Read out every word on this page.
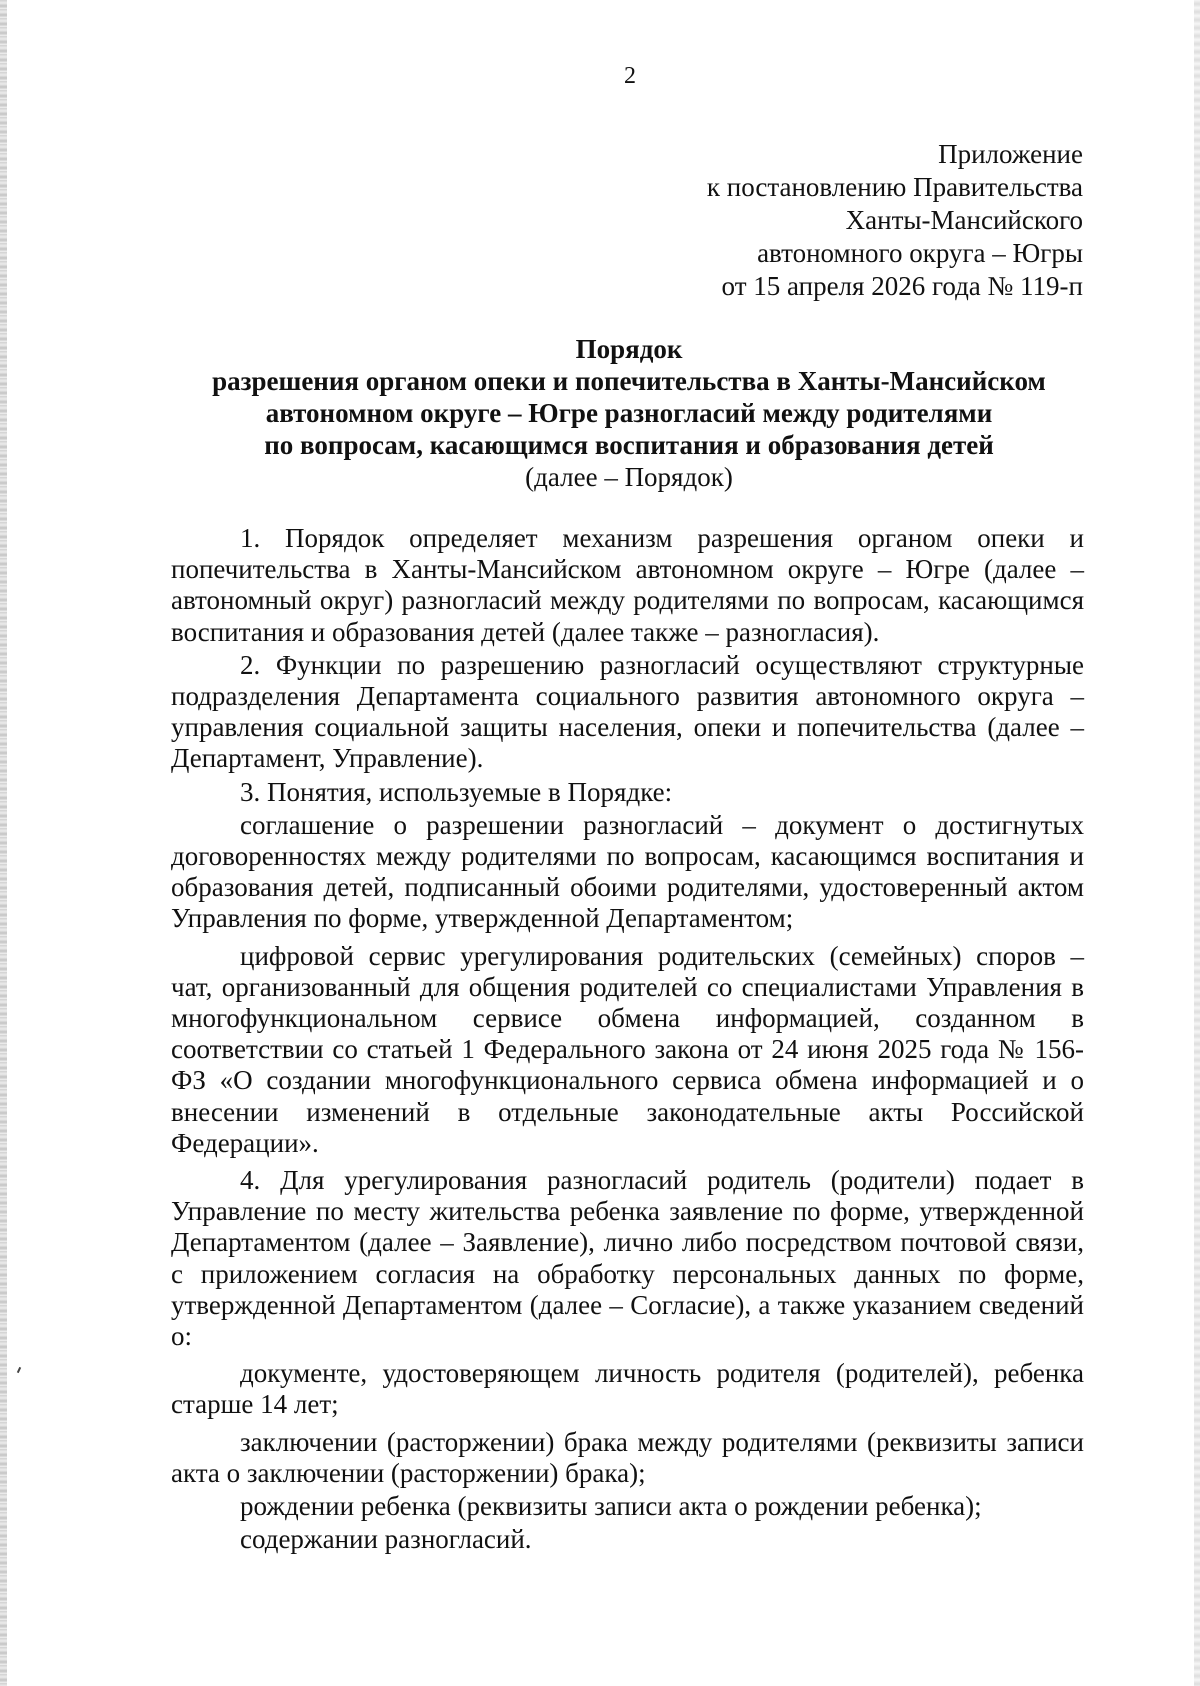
2
Приложение
к постановлению Правительства
Ханты-Мансийского
автономного округа – Югры
от 15 апреля 2026 года № 119-п
Порядок
разрешения органом опеки и попечительства в Ханты-Мансийском
автономном округе – Югре разногласий между родителями
по вопросам, касающимся воспитания и образования детей
(далее – Порядок)

1. Порядок определяет механизм разрешения органом опеки и попечительства в Ханты-Мансийском автономном округе – Югре (далее – автономный округ) разногласий между родителями по вопросам, касающимся воспитания и образования детей (далее также – разногласия).

2. Функции по разрешению разногласий осуществляют структурные подразделения Департамента социального развития автономного округа – управления социальной защиты населения, опеки и попечительства (далее – Департамент, Управление).

3. Понятия, используемые в Порядке:

соглашение о разрешении разногласий – документ о достигнутых договоренностях между родителями по вопросам, касающимся воспитания и образования детей, подписанный обоими родителями, удостоверенный актом Управления по форме, утвержденной Департаментом;

цифровой сервис урегулирования родительских (семейных) споров – чат, организованный для общения родителей со специалистами Управления в многофункциональном сервисе обмена информацией, созданном в соответствии со статьей 1 Федерального закона от 24 июня 2025 года № 156-ФЗ «О создании многофункционального сервиса обмена информацией и о внесении изменений в отдельные законодательные акты Российской Федерации».

4. Для урегулирования разногласий родитель (родители) подает в Управление по месту жительства ребенка заявление по форме, утвержденной Департаментом (далее – Заявление), лично либо посредством почтовой связи, с приложением согласия на обработку персональных данных по форме, утвержденной Департаментом (далее – Согласие), а также указанием сведений о:

документе, удостоверяющем личность родителя (родителей), ребенка старше 14 лет;

заключении (расторжении) брака между родителями (реквизиты записи акта о заключении (расторжении) брака);

рождении ребенка (реквизиты записи акта о рождении ребенка);

содержании разногласий.
